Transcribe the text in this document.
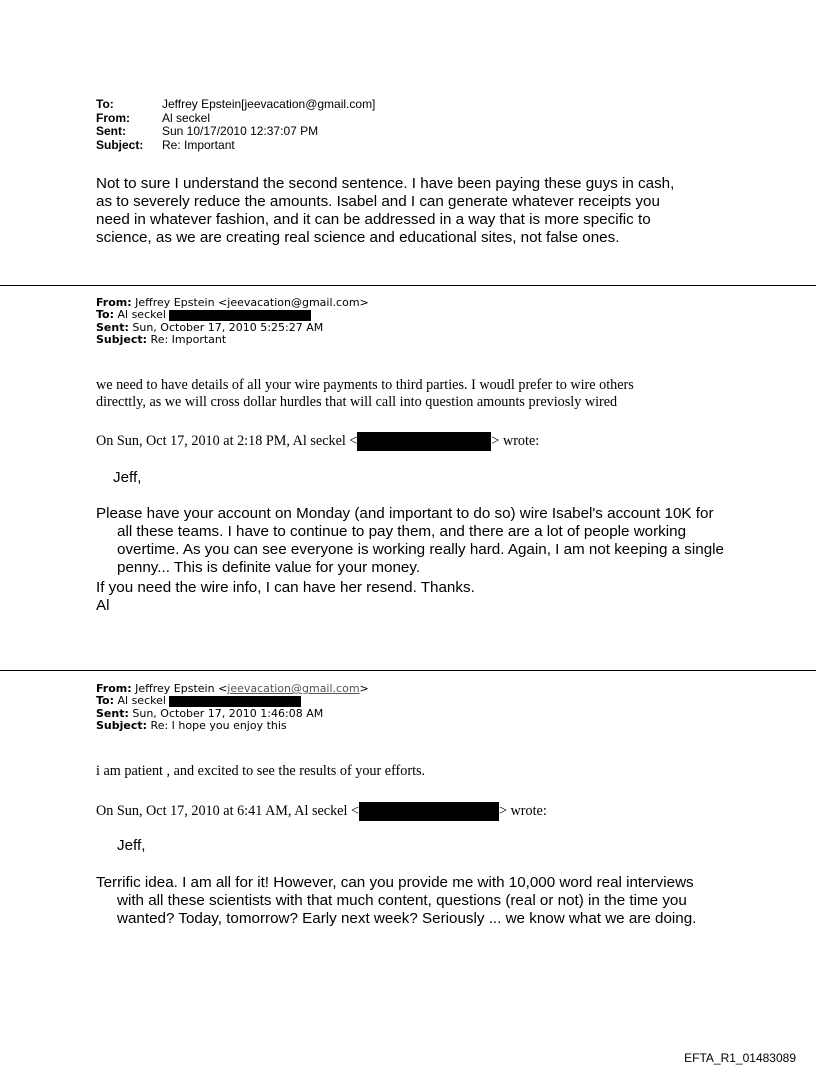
To:	Jeffrey Epstein[jeevacation@gmail.com]
From:	Al seckel
Sent:	Sun 10/17/2010 12:37:07 PM
Subject: Re: Important
Not to sure I understand the second sentence. I have been paying these guys in cash,
as to severely reduce the amounts. Isabel and I can generate whatever receipts you
need in whatever fashion, and it can be addressed in a way that is more specific to
science, as we are creating real science and educational sites, not false ones.
From: Jeffrey Epstein <jeevacation@gmail.com>
To: Al seckel
Sent: Sun, October 17, 2010 5:25:27 AM
Subject: Re: Important
we need to have details of all your wire payments to third parties. I woudl prefer to wire others
directtly, as we will cross dollar hurdles that will call into question amounts previosly wired
On Sun, Oct 17, 2010 at 2:18 PM, Al seckel <	> wrote:
Jeff,
Please have your account on Monday (and important to do so) wire Isabel's account 10K for all these teams. I have to continue to pay them, and there are a lot of people working overtime. As you can see everyone is working really hard. Again, I am not keeping a single penny... This is definite value for your money.
If you need the wire info, I can have her resend. Thanks.
Al
From: Jeffrey Epstein <jeevacation@gmail.com>
To: Al seckel
Sent: Sun, October 17, 2010 1:46:08 AM
Subject: Re: I hope you enjoy this
i am patient , and excited to see the results of your efforts.
On Sun, Oct 17, 2010 at 6:41 AM, Al seckel <	> wrote:
Jeff,
Terrific idea. I am all for it! However, can you provide me with 10,000 word real interviews with all these scientists with that much content, questions (real or not) in the time you wanted? Today, tomorrow? Early next week? Seriously ... we know what we are doing.
EFTA_R1_01483089
